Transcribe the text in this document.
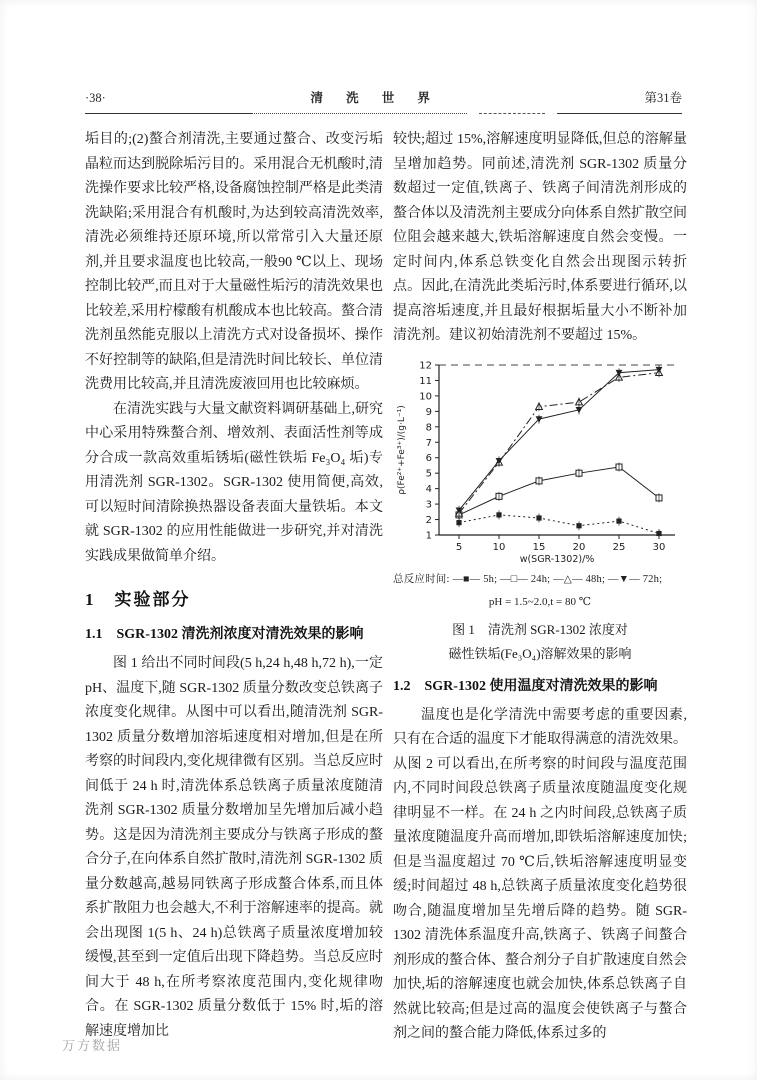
·38·	清 洗 世 界	第31卷

垢目的;(2)螯合剂清洗,主要通过螯合、改变污垢晶粒而达到脱除垢污目的。采用混合无机酸时,清洗操作要求比较严格,设备腐蚀控制严格是此类清洗缺陷;采用混合有机酸时,为达到较高清洗效率,清洗必须维持还原环境,所以常常引入大量还原剂,并且要求温度也比较高,一般90 ℃以上、现场控制比较严,而且对于大量磁性垢污的清洗效果也比较差,采用柠檬酸有机酸成本也比较高。螯合清洗剂虽然能克服以上清洗方式对设备损坏、操作不好控制等的缺陷,但是清洗时间比较长、单位清洗费用比较高,并且清洗废液回用也比较麻烦。

在清洗实践与大量文献资料调研基础上,研究中心采用特殊螯合剂、增效剂、表面活性剂等成分合成一款高效重垢锈垢(磁性铁垢 Fe₃O₄ 垢)专用清洗剂 SGR-1302。SGR-1302 使用简便,高效,可以短时间清除换热器设备表面大量铁垢。本文就 SGR-1302 的应用性能做进一步研究,并对清洗实践成果做简单介绍。

1　实验部分
1.1　SGR-1302 清洗剂浓度对清洗效果的影响

图 1 给出不同时间段(5 h,24 h,48 h,72 h),一定 pH、温度下,随 SGR-1302 质量分数改变总铁离子浓度变化规律。从图中可以看出,随清洗剂 SGR-1302 质量分数增加溶垢速度相对增加,但是在所考察的时间段内,变化规律微有区别。当总反应时间低于 24 h 时,清洗体系总铁离子质量浓度随清洗剂 SGR-1302 质量分数增加呈先增加后减小趋势。这是因为清洗剂主要成分与铁离子形成的螯合分子,在向体系自然扩散时,清洗剂 SGR-1302 质量分数越高,越易同铁离子形成螯合体系,而且体系扩散阻力也会越大,不利于溶解速率的提高。就会出现图 1(5 h、24 h)总铁离子质量浓度增加较缓慢,甚至到一定值后出现下降趋势。当总反应时间大于 48 h,在所考察浓度范围内,变化规律吻合。在 SGR-1302 质量分数低于 15% 时,垢的溶解速度增加比

较快;超过 15%,溶解速度明显降低,但总的溶解量呈增加趋势。同前述,清洗剂 SGR-1302 质量分数超过一定值,铁离子、铁离子间清洗剂形成的螯合体以及清洗剂主要成分向体系自然扩散空间位阻会越来越大,铁垢溶解速度自然会变慢。一定时间内,体系总铁变化自然会出现图示转折点。因此,在清洗此类垢污时,体系要进行循环,以提高溶垢速度,并且最好根据垢量大小不断补加清洗剂。建议初始清洗剂不要超过 15%。

1
2
3
4
5
6
7
8
9
10
11
12
5	10	15	20	25	30
w(SGR-1302)/%
ρ(Fe²⁺+Fe³⁺)/(g·L⁻¹)
总反应时间: —■— 5h; —□— 24h; —△— 48h; —▼— 72h;
pH = 1.5~2.0,t = 80 ℃
图 1　清洗剂 SGR-1302 浓度对
磁性铁垢(Fe₃O₄)溶解效果的影响
1.2　SGR-1302 使用温度对清洗效果的影响

温度也是化学清洗中需要考虑的重要因素,只有在合适的温度下才能取得满意的清洗效果。从图 2 可以看出,在所考察的时间段与温度范围内,不同时间段总铁离子质量浓度随温度变化规律明显不一样。在 24 h 之内时间段,总铁离子质量浓度随温度升高而增加,即铁垢溶解速度加快;但是当温度超过 70 ℃后,铁垢溶解速度明显变缓;时间超过 48 h,总铁离子质量浓度变化趋势很吻合,随温度增加呈先增后降的趋势。随 SGR-1302 清洗体系温度升高,铁离子、铁离子间螯合剂形成的螯合体、螯合剂分子自扩散速度自然会加快,垢的溶解速度也就会加快,体系总铁离子自然就比较高;但是过高的温度会使铁离子与螯合剂之间的螯合能力降低,体系过多的

万方数据
